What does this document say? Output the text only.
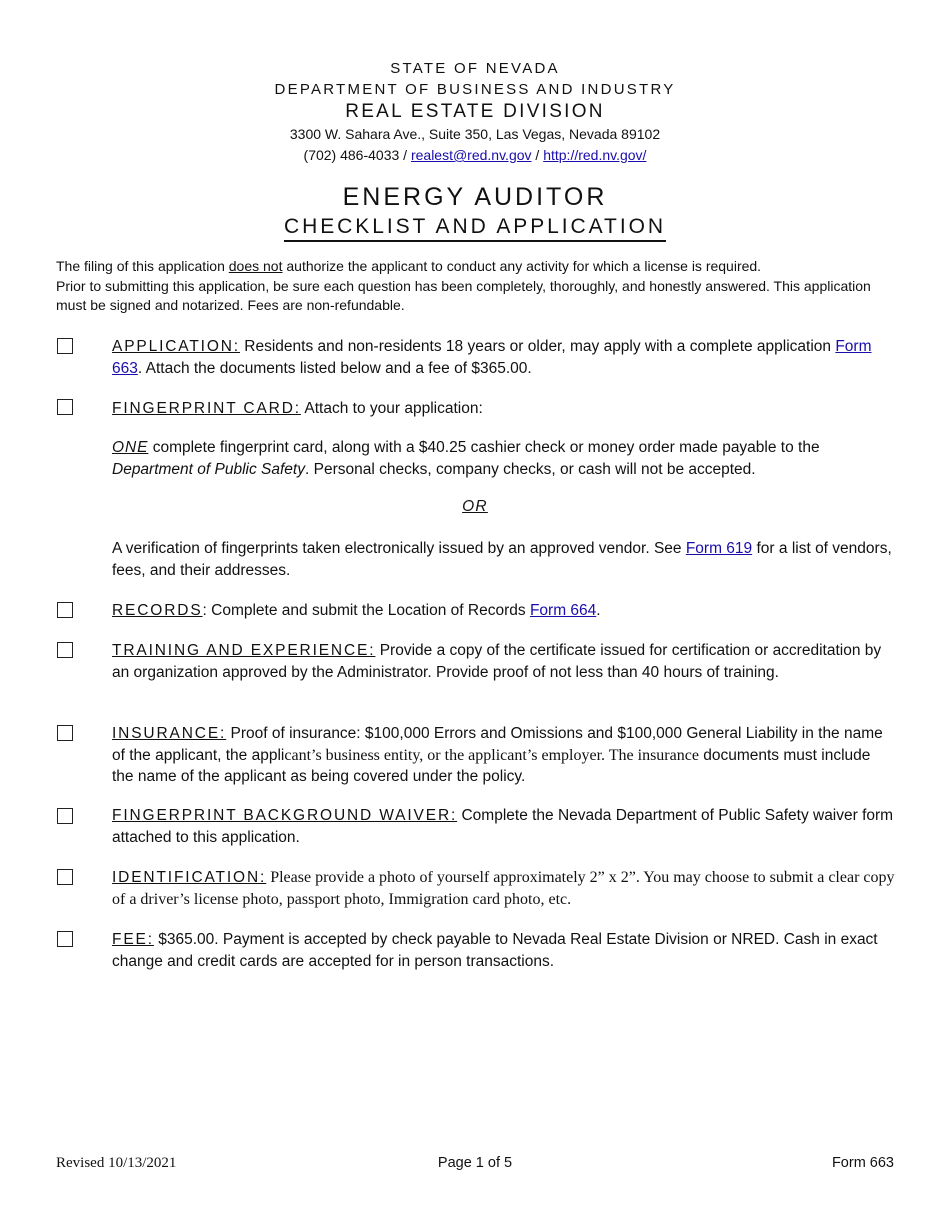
STATE OF NEVADA
DEPARTMENT OF BUSINESS AND INDUSTRY
REAL ESTATE DIVISION
3300 W. Sahara Ave., Suite 350, Las Vegas, Nevada 89102
(702) 486-4033 / realest@red.nv.gov / http://red.nv.gov/
ENERGY AUDITOR
CHECKLIST AND APPLICATION
The filing of this application does not authorize the applicant to conduct any activity for which a license is required.
Prior to submitting this application, be sure each question has been completely, thoroughly, and honestly answered. This application must be signed and notarized. Fees are non-refundable.
APPLICATION: Residents and non-residents 18 years or older, may apply with a complete application Form 663. Attach the documents listed below and a fee of $365.00.
FINGERPRINT CARD: Attach to your application:
ONE complete fingerprint card, along with a $40.25 cashier check or money order made payable to the Department of Public Safety. Personal checks, company checks, or cash will not be accepted.
OR
A verification of fingerprints taken electronically issued by an approved vendor. See Form 619 for a list of vendors, fees, and their addresses.
RECORDS: Complete and submit the Location of Records Form 664.
TRAINING AND EXPERIENCE: Provide a copy of the certificate issued for certification or accreditation by an organization approved by the Administrator. Provide proof of not less than 40 hours of training.
INSURANCE: Proof of insurance: $100,000 Errors and Omissions and $100,000 General Liability in the name of the applicant, the applicant’s business entity, or the applicant’s employer. The insurance documents must include the name of the applicant as being covered under the policy.
FINGERPRINT BACKGROUND WAIVER: Complete the Nevada Department of Public Safety waiver form attached to this application.
IDENTIFICATION: Please provide a photo of yourself approximately 2” x 2”. You may choose to submit a clear copy of a driver’s license photo, passport photo, Immigration card photo, etc.
FEE: $365.00. Payment is accepted by check payable to Nevada Real Estate Division or NRED. Cash in exact change and credit cards are accepted for in person transactions.
Revised 10/13/2021	Page 1 of 5	Form 663
